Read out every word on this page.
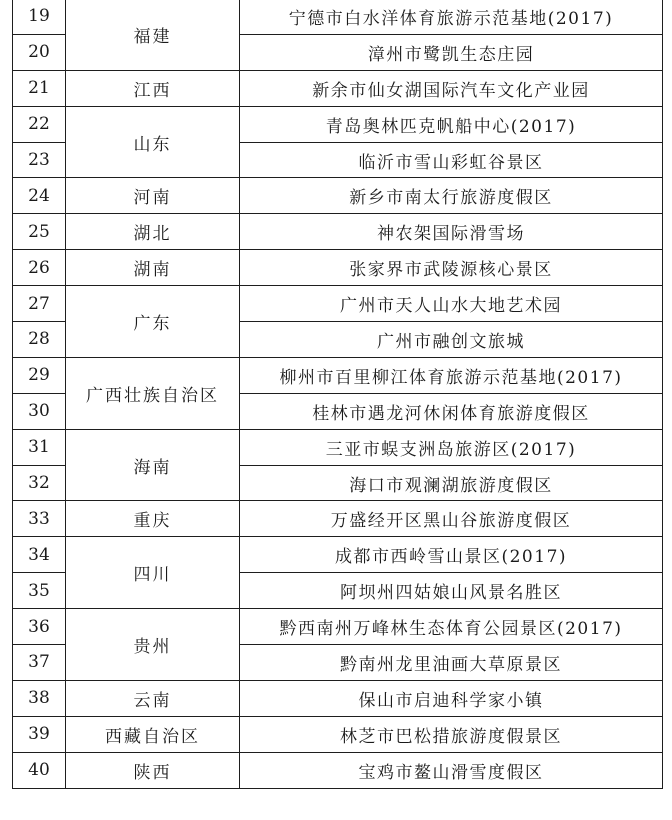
19	福建	宁德市白水洋体育旅游示范基地(2017)
20		漳州市鹭凯生态庄园
21	江西	新余市仙女湖国际汽车文化产业园
22	山东	青岛奥林匹克帆船中心(2017)
23		临沂市雪山彩虹谷景区
24	河南	新乡市南太行旅游度假区
25	湖北	神农架国际滑雪场
26	湖南	张家界市武陵源核心景区
27	广东	广州市天人山水大地艺术园
28		广州市融创文旅城
29	广西壮族自治区	柳州市百里柳江体育旅游示范基地(2017)
30		桂林市遇龙河休闲体育旅游度假区
31	海南	三亚市蜈支洲岛旅游区(2017)
32		海口市观澜湖旅游度假区
33	重庆	万盛经开区黑山谷旅游度假区
34	四川	成都市西岭雪山景区(2017)
35		阿坝州四姑娘山风景名胜区
36	贵州	黔西南州万峰林生态体育公园景区(2017)
37		黔南州龙里油画大草原景区
38	云南	保山市启迪科学家小镇
39	西藏自治区	林芝市巴松措旅游度假景区
40	陕西	宝鸡市鳌山滑雪度假区
